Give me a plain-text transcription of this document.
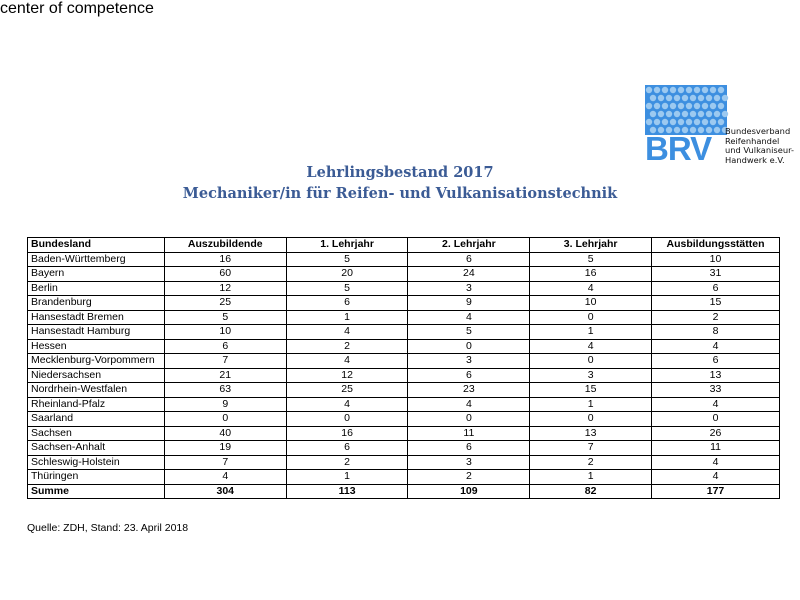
BRV
center of competence
Bundesverband
Reifenhandel
und Vulkaniseur-
Handwerk e.V.
Lehrlingsbestand 2017
Mechaniker/in für Reifen- und Vulkanisationstechnik
Bundesland	Auszubildende	1. Lehrjahr	2. Lehrjahr	3. Lehrjahr	Ausbildungsstätten
Baden-Württemberg	16	5	6	5	10
Bayern	60	20	24	16	31
Berlin	12	5	3	4	6
Brandenburg	25	6	9	10	15
Hansestadt Bremen	5	1	4	0	2
Hansestadt Hamburg	10	4	5	1	8
Hessen	6	2	0	4	4
Mecklenburg-Vorpommern	7	4	3	0	6
Niedersachsen	21	12	6	3	13
Nordrhein-Westfalen	63	25	23	15	33
Rheinland-Pfalz	9	4	4	1	4
Saarland	0	0	0	0	0
Sachsen	40	16	11	13	26
Sachsen-Anhalt	19	6	6	7	11
Schleswig-Holstein	7	2	3	2	4
Thüringen	4	1	2	1	4
Summe	304	113	109	82	177
Quelle: ZDH, Stand: 23. April 2018
